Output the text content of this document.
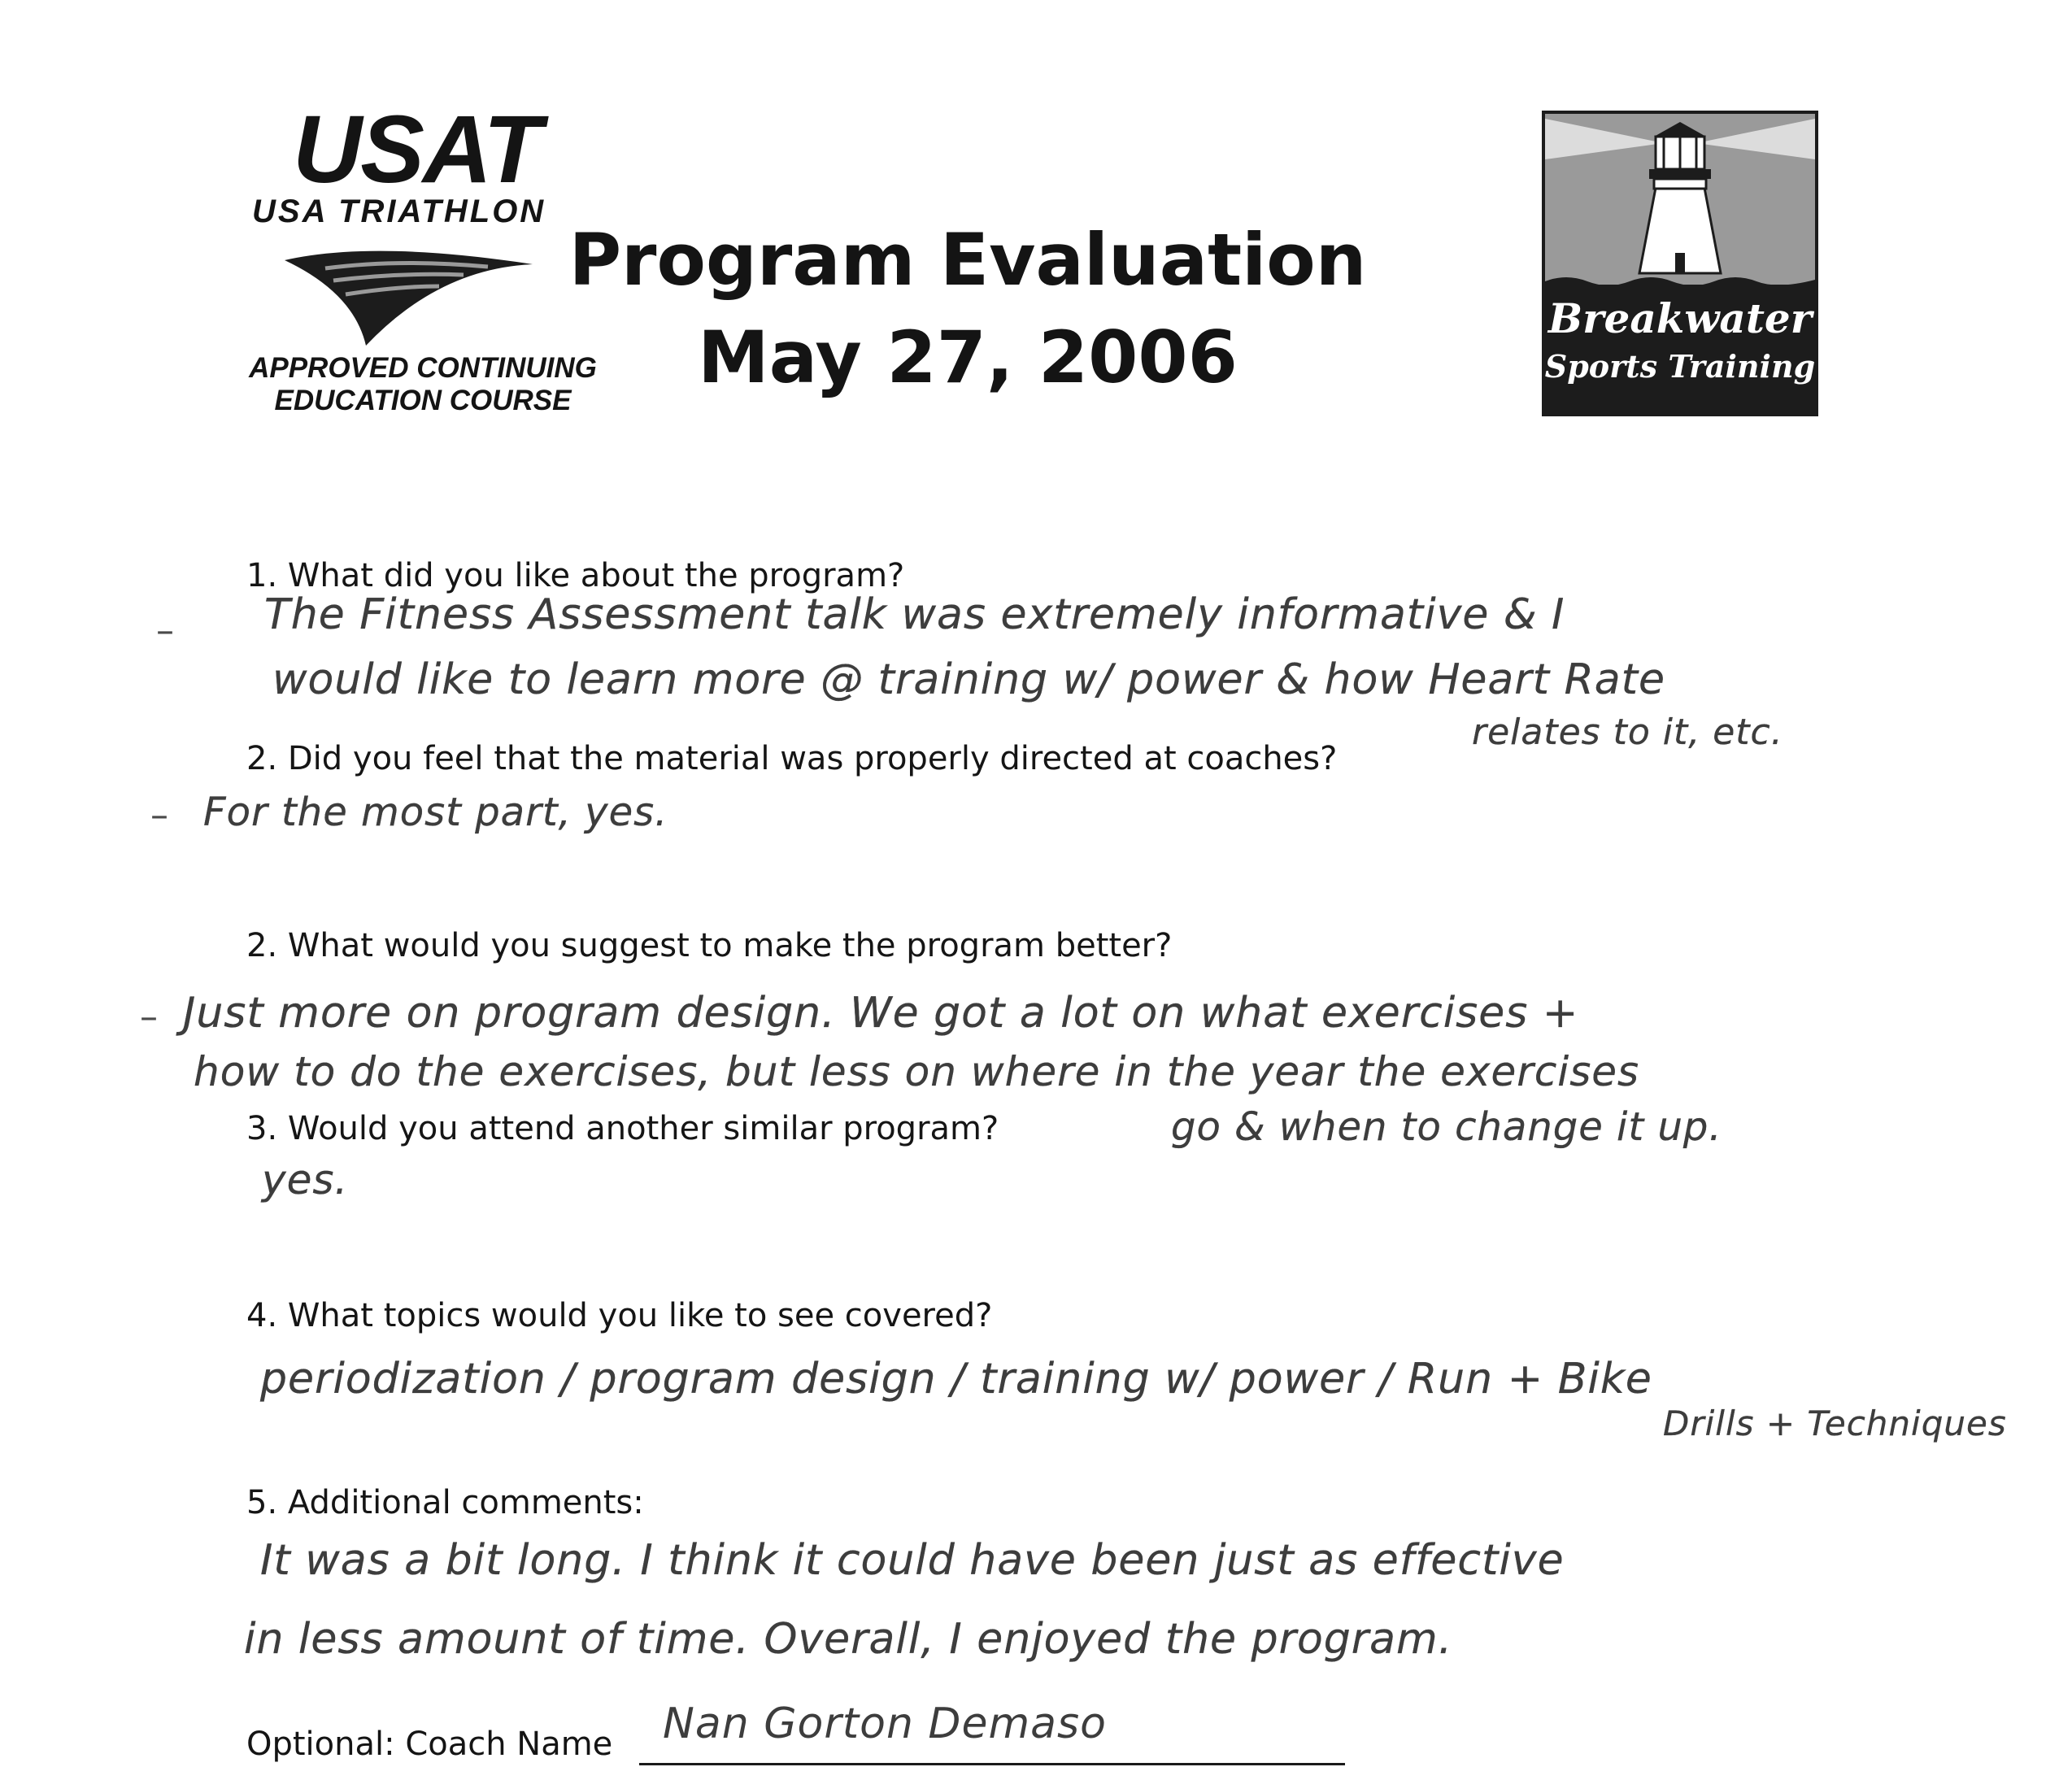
USAT
USA TRIATHLON
APPROVED CONTINUING
EDUCATION COURSE
Program Evaluation
May 27, 2006	Breakwater
Sports Training
1. What did you like about the program?
– The Fitness Assessment talk was extremely informative & I
would like to learn more @ training w/ power & how Heart Rate
relates to it, etc.
2. Did you feel that the material was properly directed at coaches?
– For the most part, yes.
2. What would you suggest to make the program better?
– Just more on program design. We got a lot on what exercises +
how to do the exercises, but less on where in the year the exercises
go & when to change it up.
3. Would you attend another similar program?
yes.
4. What topics would you like to see covered?
periodization / program design / training w/ power / Run + Bike
Drills + Techniques
5. Additional comments:
It was a bit long. I think it could have been just as effective
in less amount of time. Overall, I enjoyed the program.
Optional: Coach Name Nan Gorton Demaso
